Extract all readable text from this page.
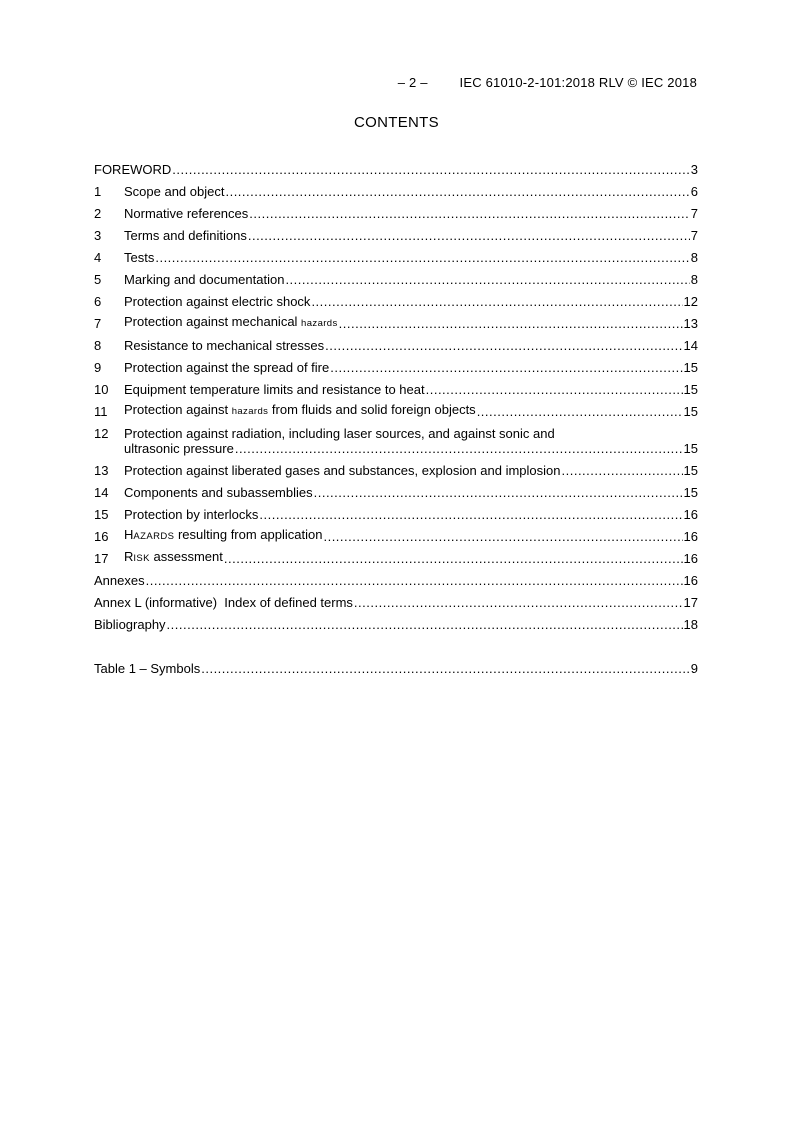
– 2 – IEC 61010-2-101:2018 RLV © IEC 2018
CONTENTS
FOREWORD .....	3
1	Scope and object .....	6
2	Normative references .....	7
3	Terms and definitions .....	7
4	Tests .....	8
5	Marking and documentation .....	8
6	Protection against electric shock .....	12
7	Protection against mechanical hazards .....	13
8	Resistance to mechanical stresses .....	14
9	Protection against the spread of fire .....	15
10	Equipment temperature limits and resistance to heat .....	15
11	Protection against hazards from fluids and solid foreign objects .....	15
12	Protection against radiation, including laser sources, and against sonic and
ultrasonic pressure .....	15
13	Protection against liberated gases and substances, explosion and implosion .....	15
14	Components and subassemblies .....	15
15	Protection by interlocks .....	16
16	HAZARDS resulting from application .....	16
17	RISK assessment .....	16
Annexes .....	16
Annex L (informative)  Index of defined terms .....	17
Bibliography .....	18
Table 1 – Symbols .....	9
